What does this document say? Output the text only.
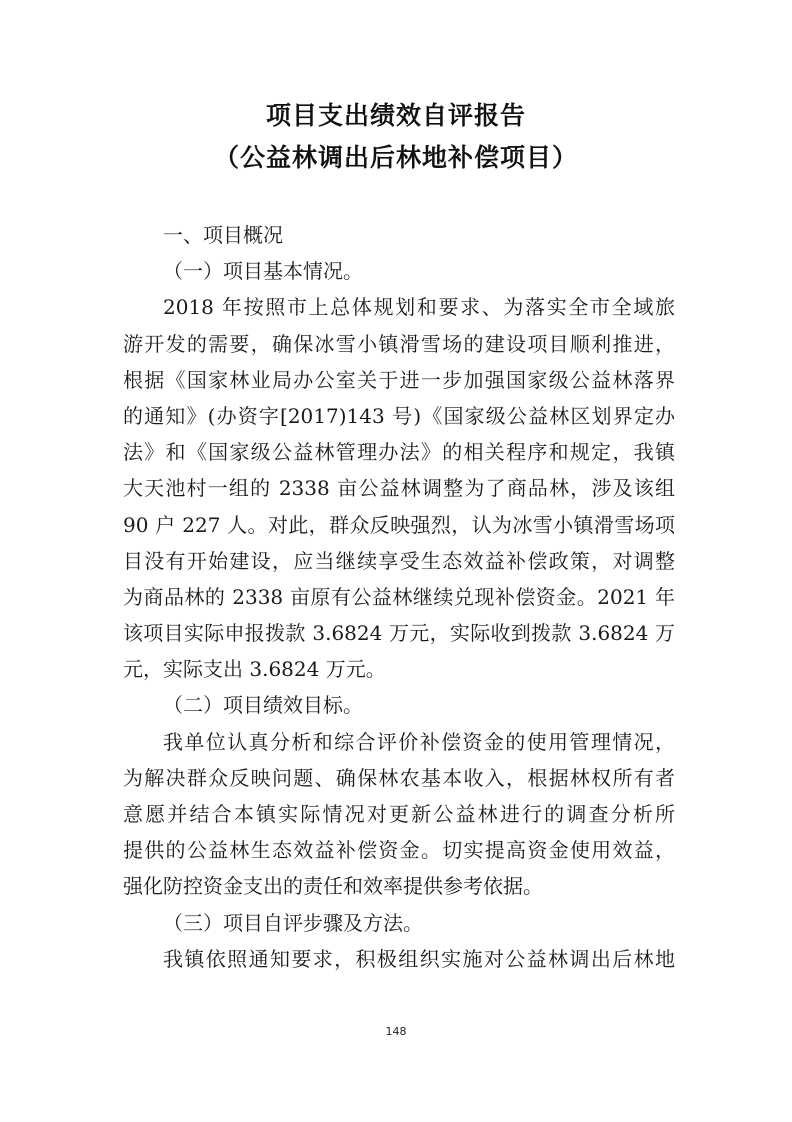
项目支出绩效自评报告
（公益林调出后林地补偿项目）
一、项目概况
（一）项目基本情况。
2018 年按照市上总体规划和要求、为落实全市全域旅
游开发的需要，确保冰雪小镇滑雪场的建设项目顺利推进，
根据《国家林业局办公室关于进一步加强国家级公益林落界
的通知》(办资字[2017)143 号)《国家级公益林区划界定办
法》和《国家级公益林管理办法》的相关程序和规定，我镇
大天池村一组的 2338 亩公益林调整为了商品林，涉及该组
90 户 227 人。对此，群众反映强烈，认为冰雪小镇滑雪场项
目没有开始建设，应当继续享受生态效益补偿政策，对调整
为商品林的 2338 亩原有公益林继续兑现补偿资金。2021 年
该项目实际申报拨款 3.6824 万元，实际收到拨款 3.6824 万
元，实际支出 3.6824 万元。
（二）项目绩效目标。
我单位认真分析和综合评价补偿资金的使用管理情况，
为解决群众反映问题、确保林农基本收入，根据林权所有者
意愿并结合本镇实际情况对更新公益林进行的调查分析所
提供的公益林生态效益补偿资金。切实提高资金使用效益，
强化防控资金支出的责任和效率提供参考依据。
（三）项目自评步骤及方法。
我镇依照通知要求，积极组织实施对公益林调出后林地
148
